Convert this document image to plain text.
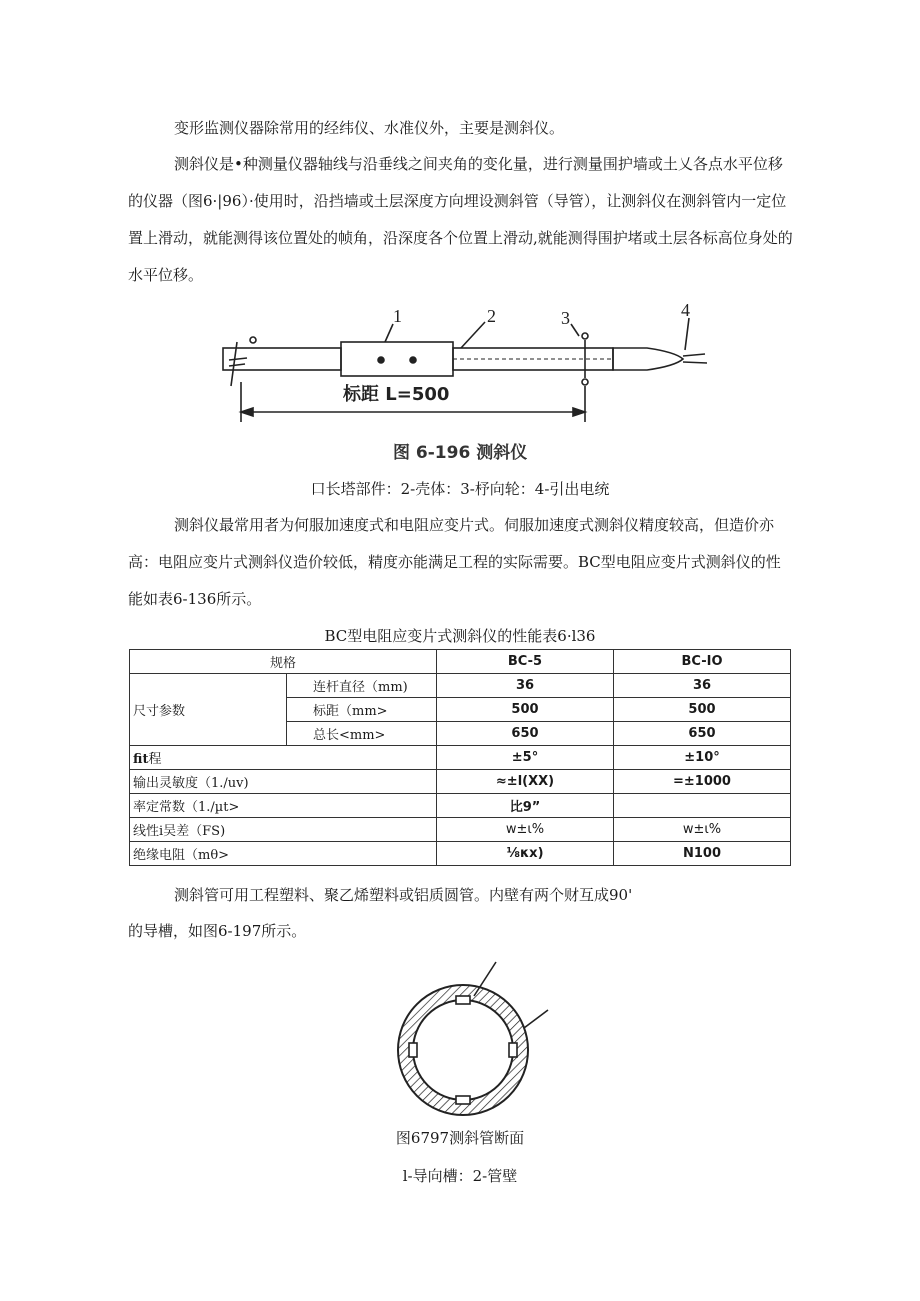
变形监测仪器除常用的经纬仪、水准仪外，主要是测斜仪。

测斜仪是•种测量仪器轴线与沿垂线之间夹角的变化量，进行测量围护墙或土乂各点水平位移的仪器（图6·|96）·使用时，沿挡墙或土层深度方向埋设测斜管（导管），让测斜仪在测斜管内一定位置上滑动，就能测得该位置处的帧角，沿深度各个位置上滑动,就能测得围护堵或土层各标高位身处的水平位移。

1	2	3	4
标距 L=500
图 6-196 测斜仪
口长塔部件：2-壳体：3-杼向轮：4-引出电统

测斜仪最常用者为何服加速度式和电阻应变片式。伺服加速度式测斜仪精度较高，但造价亦高：电阻应变片式测斜仪造价较低，精度亦能满足工程的实际需要。BC型电阻应变片式测斜仪的性能如表6-136所示。

BC型电阻应变片式测斜仪的性能表6·l36
规格		BC-5	BC-IO
尺寸参数	连杆直径（mm)	36	36
	标距（mm>	500	500
	总长<mm>	650	650
fit程		±5°	±10°
输出灵敏度（1./uv)		≈±l(XX)	=±1000
率定常数（1./µt>		比9”	
线性i吴差（FS)		w±ι%	w±ι%
绝缘电阻（mθ>		⅛κx)	N100

测斜管可用工程塑料、聚乙烯塑料或铝质圆管。内壁有两个财互成90'

的导槽，如图6-197所示。

图6797测斜管断面
l-导向槽：2-管壁
